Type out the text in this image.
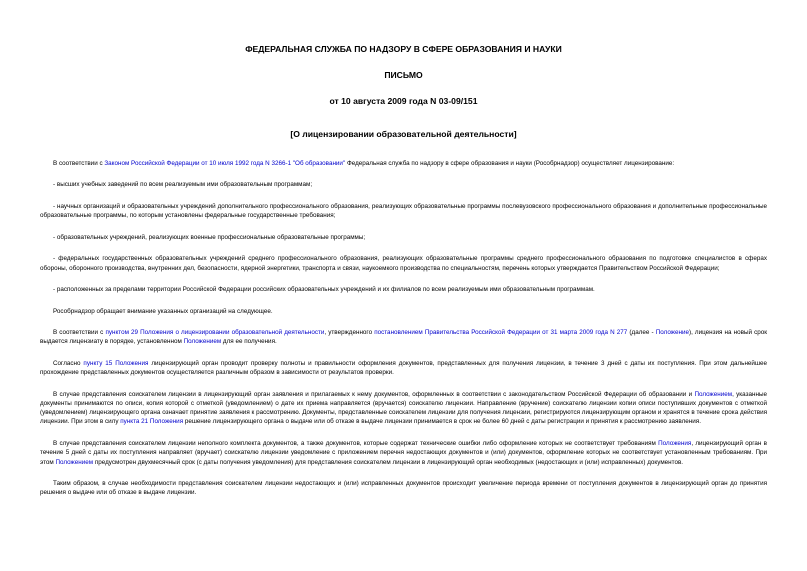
ФЕДЕРАЛЬНАЯ СЛУЖБА ПО НАДЗОРУ В СФЕРЕ ОБРАЗОВАНИЯ И НАУКИ
ПИСЬМО
от 10 августа 2009 года N 03-09/151
[О лицензировании образовательной деятельности]

В соответствии с Законом Российской Федерации от 10 июля 1992 года N 3266-1 "Об образовании" Федеральная служба по надзору в сфере образования и науки (Рособрнадзор) осуществляет лицензирование:

- высших учебных заведений по всем реализуемым ими образовательным программам;

- научных организаций и образовательных учреждений дополнительного профессионального образования, реализующих образовательные программы послевузовского профессионального образования и дополнительные профессиональные образовательные программы, по которым установлены федеральные государственные требования;

- образовательных учреждений, реализующих военные профессиональные образовательные программы;

- федеральных государственных образовательных учреждений среднего профессионального образования, реализующих образовательные программы среднего профессионального образования по подготовке специалистов в сферах обороны, оборонного производства, внутренних дел, безопасности, ядерной энергетики, транспорта и связи, наукоемкого производства по специальностям, перечень которых утверждается Правительством Российской Федерации;

- расположенных за пределами территории Российской Федерации российских образовательных учреждений и их филиалов по всем реализуемым ими образовательным программам.

Рособрнадзор обращает внимание указанных организаций на следующее.

В соответствии с пунктом 29 Положения о лицензировании образовательной деятельности, утвержденного постановлением Правительства Российской Федерации от 31 марта 2009 года N 277 (далее - Положение), лицензия на новый срок выдается лицензиату в порядке, установленном Положением для ее получения.

Согласно пункту 15 Положения лицензирующий орган проводит проверку полноты и правильности оформления документов, представленных для получения лицензии, в течение 3 дней с даты их поступления. При этом дальнейшее прохождение представленных документов осуществляется различным образом в зависимости от результатов проверки.

В случае представления соискателем лицензии в лицензирующий орган заявления и прилагаемых к нему документов, оформленных в соответствии с законодательством Российской Федерации об образовании и Положением, указанные документы принимаются по описи, копия которой с отметкой (уведомлением) о дате их приема направляется (вручается) соискателю лицензии. Направление (вручение) соискателю лицензии копии описи поступивших документов с отметкой (уведомлением) лицензирующего органа означает принятие заявления к рассмотрению. Документы, представленные соискателем лицензии для получения лицензии, регистрируются лицензирующим органом и хранятся в течение срока действия лицензии. При этом в силу пункта 21 Положения решение лицензирующего органа о выдаче или об отказе в выдаче лицензии принимается в срок не более 60 дней с даты регистрации и принятия к рассмотрению заявления.

В случае представления соискателем лицензии неполного комплекта документов, а также документов, которые содержат технические ошибки либо оформление которых не соответствует требованиям Положения, лицензирующий орган в течение 5 дней с даты их поступления направляет (вручает) соискателю лицензии уведомление с приложением перечня недостающих документов и (или) документов, оформление которых не соответствует установленным требованиям. При этом Положением предусмотрен двухмесячный срок (с даты получения уведомления) для представления соискателем лицензии в лицензирующий орган необходимых (недостающих и (или) исправленных) документов.

Таким образом, в случае необходимости представления соискателем лицензии недостающих и (или) исправленных документов происходит увеличение периода времени от поступления документов в лицензирующий орган до принятия решения о выдаче или об отказе в выдаче лицензии.
